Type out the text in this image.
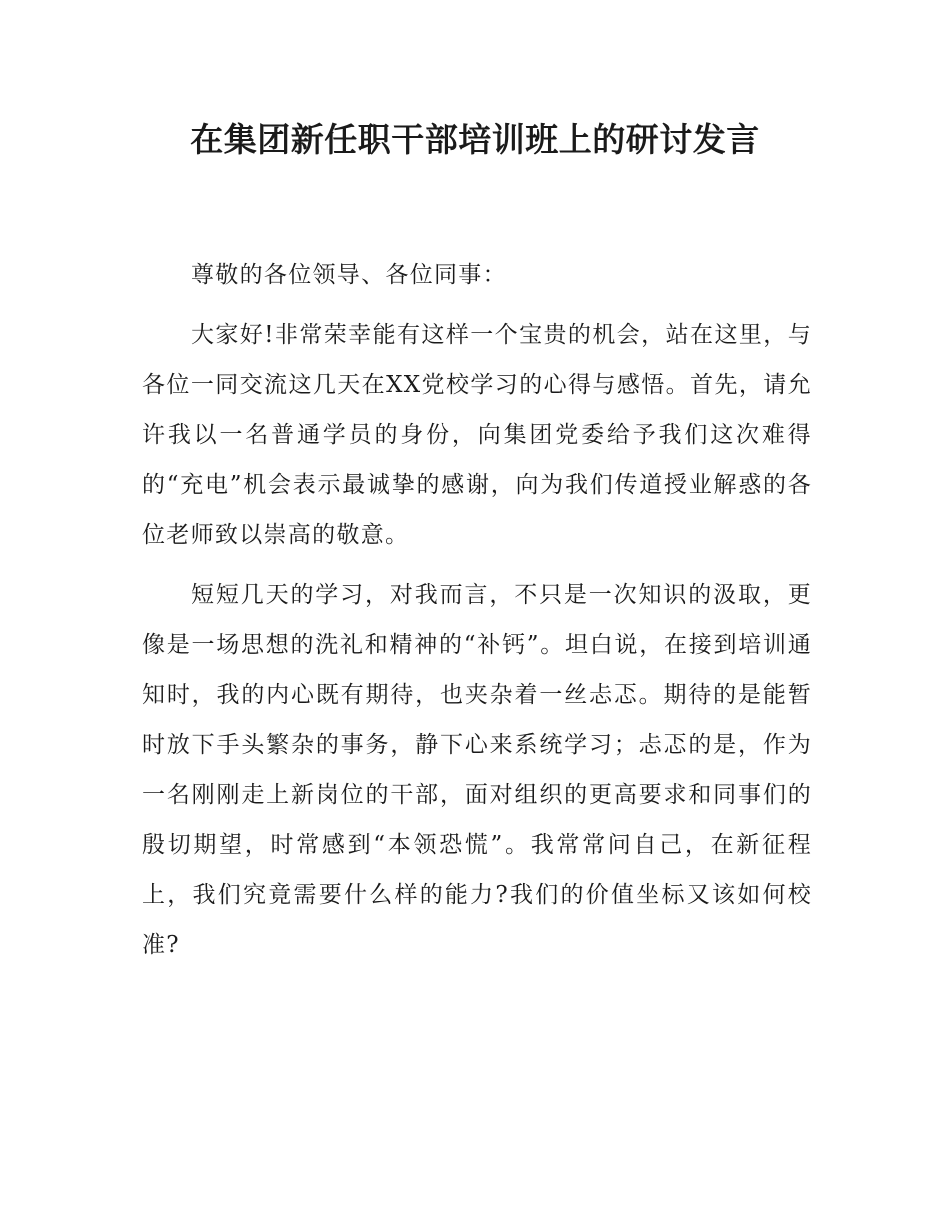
在集团新任职干部培训班上的研讨发言

尊敬的各位领导、各位同事：

大家好!非常荣幸能有这样一个宝贵的机会，站在这里，与各位一同交流这几天在XX党校学习的心得与感悟。首先，请允许我以一名普通学员的身份，向集团党委给予我们这次难得的“充电”机会表示最诚挚的感谢，向为我们传道授业解惑的各位老师致以崇高的敬意。

短短几天的学习，对我而言，不只是一次知识的汲取，更像是一场思想的洗礼和精神的“补钙”。坦白说，在接到培训通知时，我的内心既有期待，也夹杂着一丝忐忑。期待的是能暂时放下手头繁杂的事务，静下心来系统学习；忐忑的是，作为一名刚刚走上新岗位的干部，面对组织的更高要求和同事们的殷切期望，时常感到“本领恐慌”。我常常问自己，在新征程上，我们究竟需要什么样的能力?我们的价值坐标又该如何校准?
